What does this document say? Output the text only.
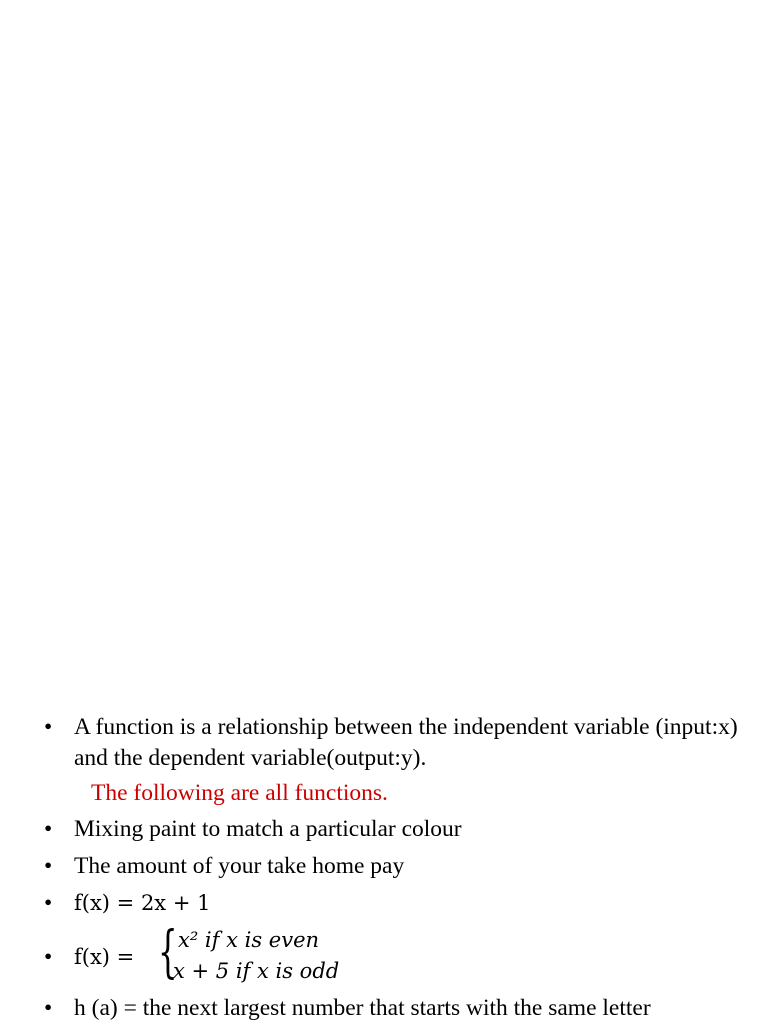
• A function is a relationship between the independent variable (input:x) and the dependent variable(output:y).
The following are all functions.
• Mixing paint to match a particular colour
• The amount of your take home pay
• f(x) = 2x + 1
• f(x) = { x² if x is even
x + 5 if x is odd
• h (a) = the next largest number that starts with the same letter
